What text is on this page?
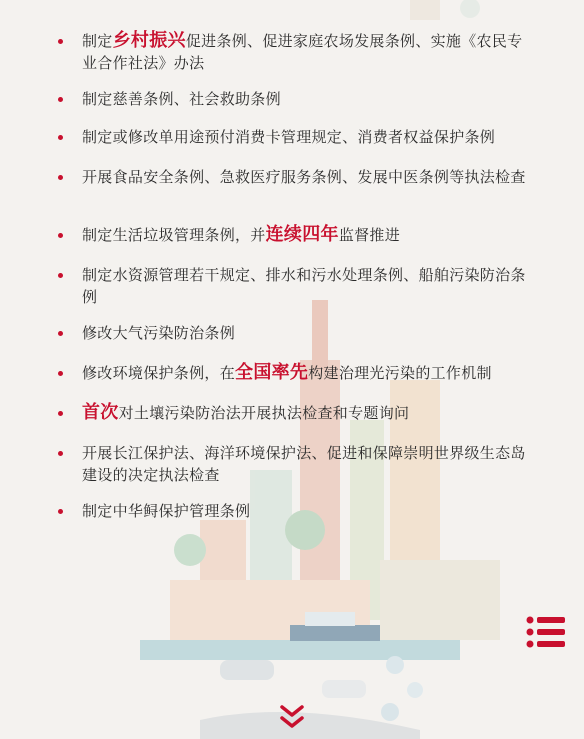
制定乡村振兴促进条例、促进家庭农场发展条例、实施《农民专业合作社法》办法
制定慈善条例、社会救助条例
制定或修改单用途预付消费卡管理规定、消费者权益保护条例
开展食品安全条例、急救医疗服务条例、发展中医条例等执法检查
制定生活垃圾管理条例，并连续四年监督推进
制定水资源管理若干规定、排水和污水处理条例、船舶污染防治条例
修改大气污染防治条例
修改环境保护条例，在全国率先构建治理光污染的工作机制
首次对土壤污染防治法开展执法检查和专题询问
开展长江保护法、海洋环境保护法、促进和保障崇明世界级生态岛建设的决定执法检查
制定中华鲟保护管理条例
